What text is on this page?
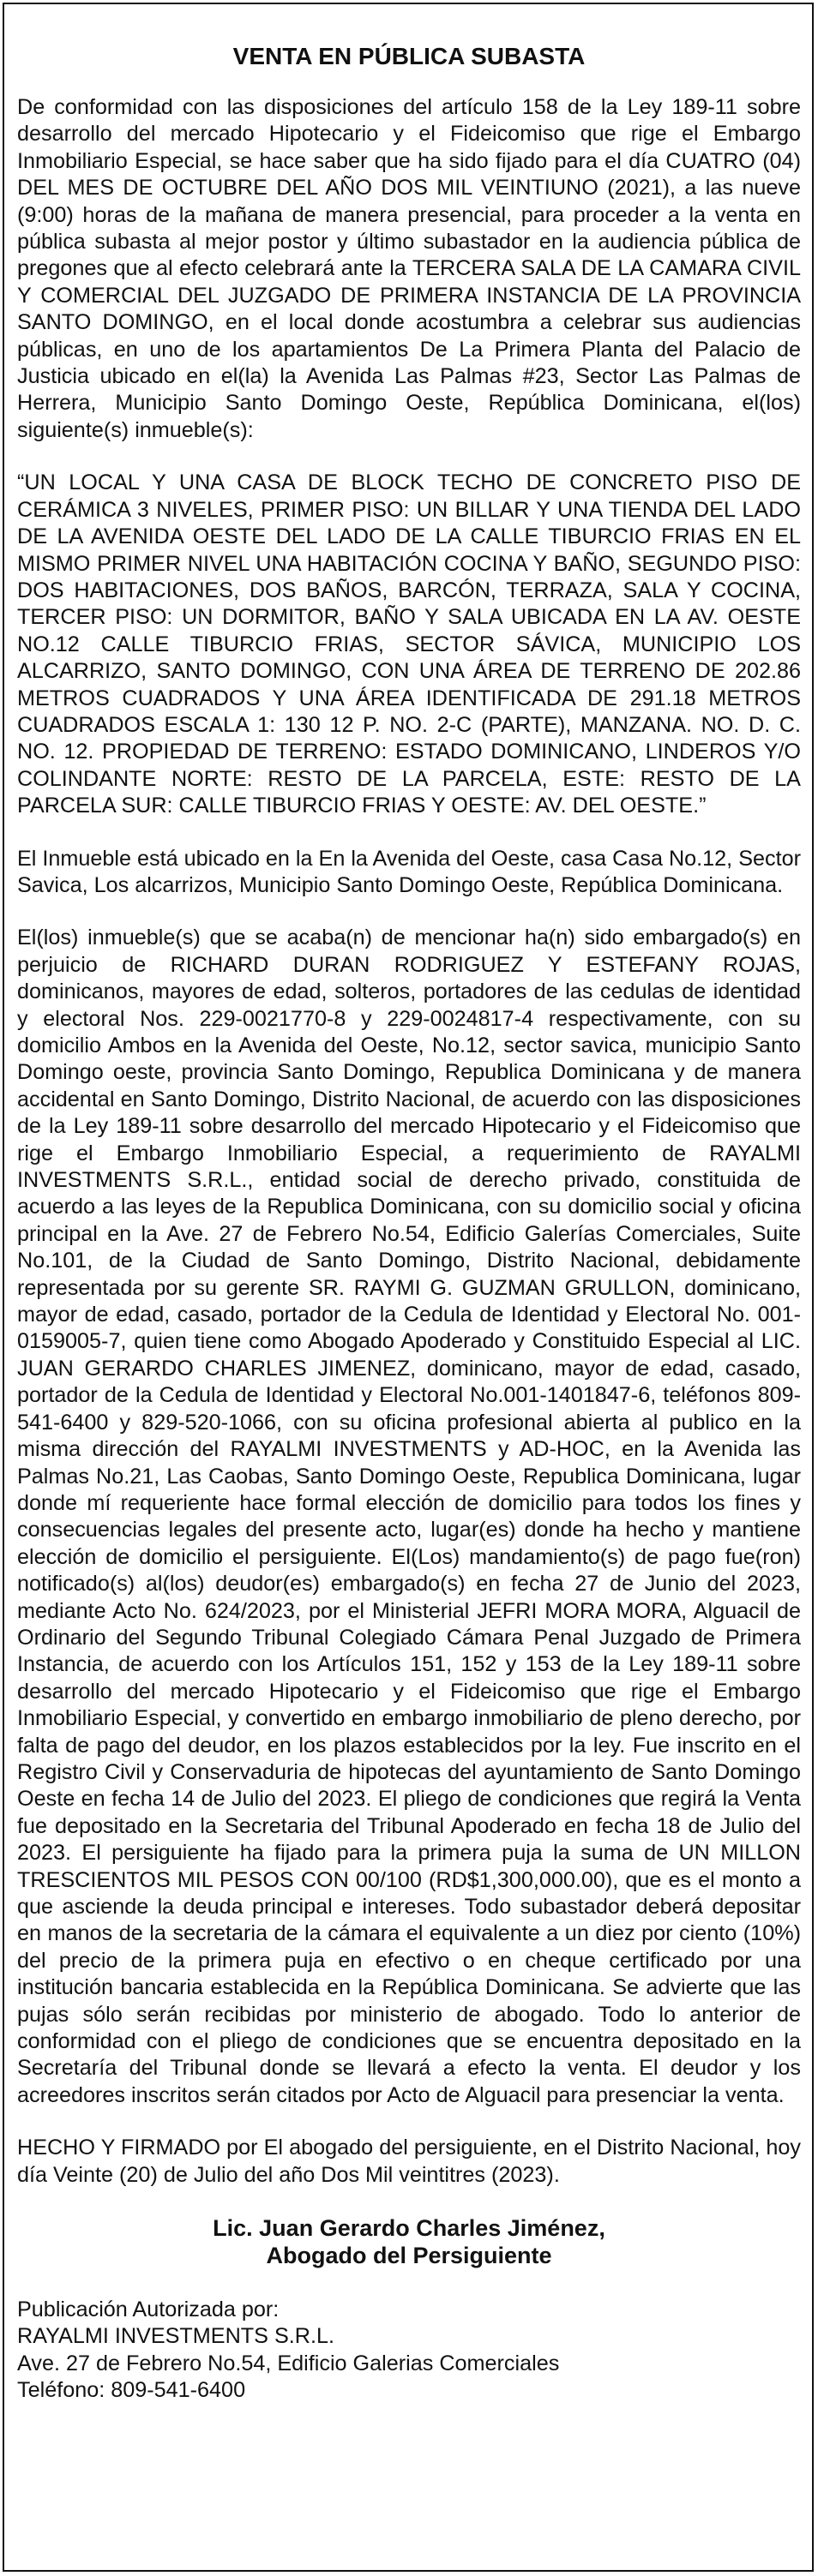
VENTA EN PÚBLICA SUBASTA

De conformidad con las disposiciones del artículo 158 de la Ley 189-11 sobre desarrollo del mercado Hipotecario y el Fideicomiso que rige el Embargo Inmobiliario Especial, se hace saber que ha sido fijado para el día CUATRO (04) DEL MES DE OCTUBRE DEL AÑO DOS MIL VEINTIUNO (2021), a las nueve (9:00) horas de la mañana de manera presencial, para proceder a la venta en pública subasta al mejor postor y último subastador en la audiencia pública de pregones que al efecto celebrará ante la TERCERA SALA DE LA CAMARA CIVIL Y COMERCIAL DEL JUZGADO DE PRIMERA INSTANCIA DE LA PROVINCIA SANTO DOMINGO, en el local donde acostumbra a celebrar sus audiencias públicas, en uno de los apartamientos De La Primera Planta del Palacio de Justicia ubicado en el(la) la Avenida Las Palmas #23, Sector Las Palmas de Herrera, Municipio Santo Domingo Oeste, República Dominicana, el(los) siguiente(s) inmueble(s):

“UN LOCAL Y UNA CASA DE BLOCK TECHO DE CONCRETO PISO DE CERÁMICA 3 NIVELES, PRIMER PISO: UN BILLAR Y UNA TIENDA DEL LADO DE LA AVENIDA OESTE DEL LADO DE LA CALLE TIBURCIO FRIAS EN EL MISMO PRIMER NIVEL UNA HABITACIÓN COCINA Y BAÑO, SEGUNDO PISO: DOS HABITACIONES, DOS BAÑOS, BARCÓN, TERRAZA, SALA Y COCINA, TERCER PISO: UN DORMITOR, BAÑO Y SALA UBICADA EN LA AV. OESTE NO.12 CALLE TIBURCIO FRIAS, SECTOR SÁVICA, MUNICIPIO LOS ALCARRIZO, SANTO DOMINGO, CON UNA ÁREA DE TERRENO DE 202.86 METROS CUADRADOS Y UNA ÁREA IDENTIFICADA DE 291.18 METROS CUADRADOS ESCALA 1: 130 12 P. NO. 2-C (PARTE), MANZANA. NO. D. C. NO. 12. PROPIEDAD DE TERRENO: ESTADO DOMINICANO, LINDEROS Y/O COLINDANTE NORTE: RESTO DE LA PARCELA, ESTE: RESTO DE LA PARCELA SUR: CALLE TIBURCIO FRIAS Y OESTE: AV. DEL OESTE.”

El Inmueble está ubicado en la En la Avenida del Oeste, casa Casa No.12, Sector Savica, Los alcarrizos, Municipio Santo Domingo Oeste, República Dominicana.

El(los) inmueble(s) que se acaba(n) de mencionar ha(n) sido embargado(s) en perjuicio de RICHARD DURAN RODRIGUEZ Y ESTEFANY ROJAS, dominicanos, mayores de edad, solteros, portadores de las cedulas de identidad y electoral Nos. 229-0021770-8 y 229-0024817-4 respectivamente, con su domicilio Ambos en la Avenida del Oeste, No.12, sector savica, municipio Santo Domingo oeste, provincia Santo Domingo, Republica Dominicana y de manera accidental en Santo Domingo, Distrito Nacional, de acuerdo con las disposiciones de la Ley 189-11 sobre desarrollo del mercado Hipotecario y el Fideicomiso que rige el Embargo Inmobiliario Especial, a requerimiento de RAYALMI INVESTMENTS S.R.L., entidad social de derecho privado, constituida de acuerdo a las leyes de la Republica Dominicana, con su domicilio social y oficina principal en la Ave. 27 de Febrero No.54, Edificio Galerías Comerciales, Suite No.101, de la Ciudad de Santo Domingo, Distrito Nacional, debidamente representada por su gerente SR. RAYMI G. GUZMAN GRULLON, dominicano, mayor de edad, casado, portador de la Cedula de Identidad y Electoral No. 001-0159005-7, quien tiene como Abogado Apoderado y Constituido Especial al LIC. JUAN GERARDO CHARLES JIMENEZ, dominicano, mayor de edad, casado, portador de la Cedula de Identidad y Electoral No.001-1401847-6, teléfonos 809-541-6400 y 829-520-1066, con su oficina profesional abierta al publico en la misma dirección del RAYALMI INVESTMENTS y AD-HOC, en la Avenida las Palmas No.21, Las Caobas, Santo Domingo Oeste, Republica Dominicana, lugar donde mí requeriente hace formal elección de domicilio para todos los fines y consecuencias legales del presente acto, lugar(es) donde ha hecho y mantiene elección de domicilio el persiguiente. El(Los) mandamiento(s) de pago fue(ron) notificado(s) al(los) deudor(es) embargado(s) en fecha 27 de Junio del 2023, mediante Acto No. 624/2023, por el Ministerial JEFRI MORA MORA, Alguacil de Ordinario del Segundo Tribunal Colegiado Cámara Penal Juzgado de Primera Instancia, de acuerdo con los Artículos 151, 152 y 153 de la Ley 189-11 sobre desarrollo del mercado Hipotecario y el Fideicomiso que rige el Embargo Inmobiliario Especial, y convertido en embargo inmobiliario de pleno derecho, por falta de pago del deudor, en los plazos establecidos por la ley. Fue inscrito en el Registro Civil y Conservaduria de hipotecas del ayuntamiento de Santo Domingo Oeste en fecha 14 de Julio del 2023. El pliego de condiciones que regirá la Venta fue depositado en la Secretaria del Tribunal Apoderado en fecha 18 de Julio del 2023. El persiguiente ha fijado para la primera puja la suma de UN MILLON TRESCIENTOS MIL PESOS CON 00/100 (RD$1,300,000.00), que es el monto a que asciende la deuda principal e intereses. Todo subastador deberá depositar en manos de la secretaria de la cámara el equivalente a un diez por ciento (10%) del precio de la primera puja en efectivo o en cheque certificado por una institución bancaria establecida en la República Dominicana. Se advierte que las pujas sólo serán recibidas por ministerio de abogado. Todo lo anterior de conformidad con el pliego de condiciones que se encuentra depositado en la Secretaría del Tribunal donde se llevará a efecto la venta. El deudor y los acreedores inscritos serán citados por Acto de Alguacil para presenciar la venta.

HECHO Y FIRMADO por El abogado del persiguiente, en el Distrito Nacional, hoy día Veinte (20) de Julio del año Dos Mil veintitres (2023).

Lic. Juan Gerardo Charles Jiménez,
Abogado del Persiguiente
Publicación Autorizada por:
RAYALMI INVESTMENTS S.R.L.
Ave. 27 de Febrero No.54, Edificio Galerias Comerciales
Teléfono: 809-541-6400
